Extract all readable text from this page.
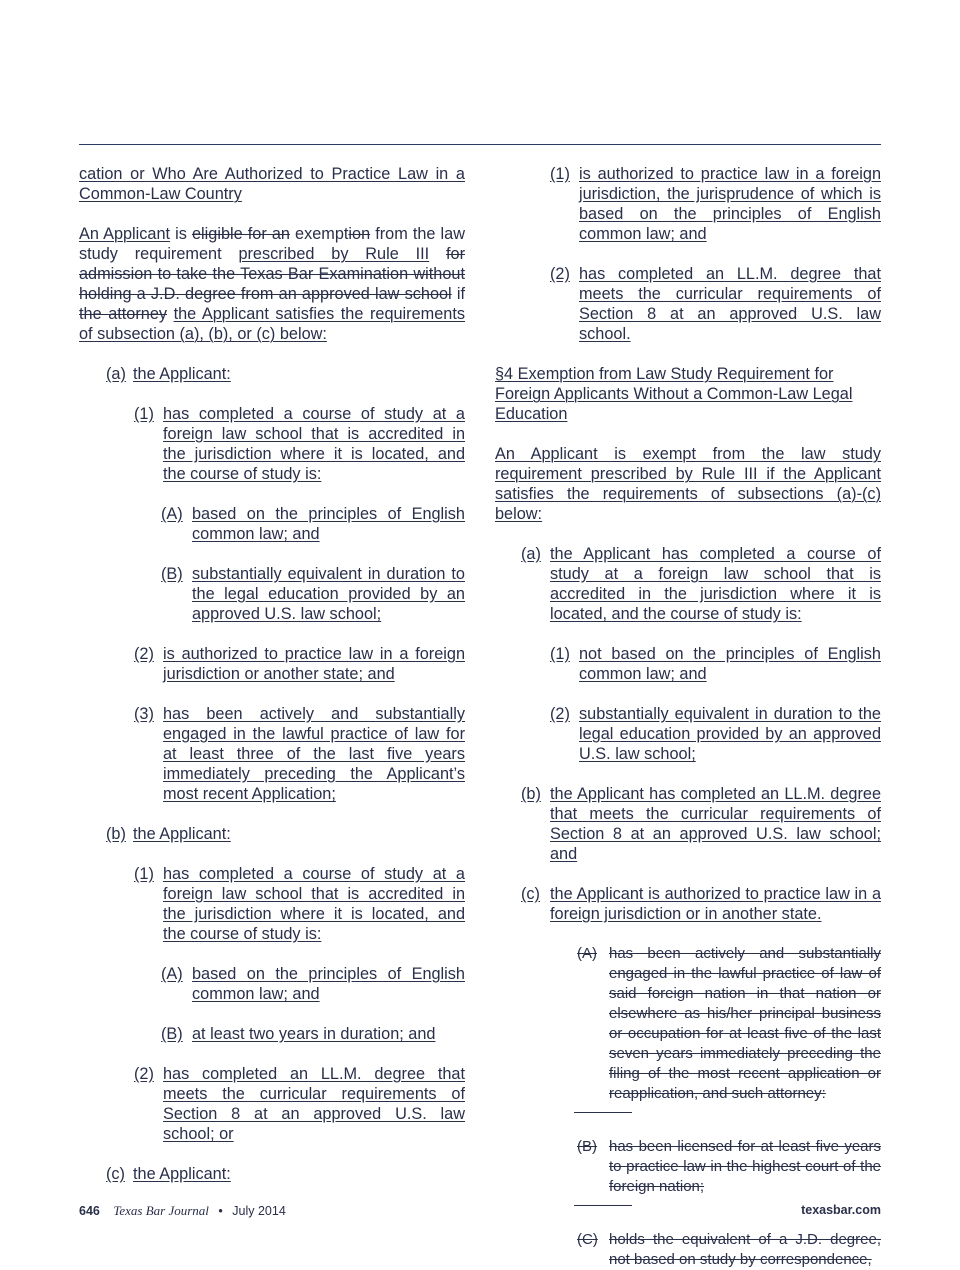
cation or Who Are Authorized to Practice Law in a Common-Law Country

An Applicant is eligible for an exemption from the law study requirement prescribed by Rule III for admission to take the Texas Bar Examination without holding a J.D. degree from an approved law school if the attorney the Applicant satisfies the requirements of subsection (a), (b), or (c) below:

(a) the Applicant:
(1) has completed a course of study at a foreign law school that is accredited in the jurisdiction where it is located, and the course of study is:
(A) based on the principles of English common law; and
(B) substantially equivalent in duration to the legal education provided by an approved U.S. law school;
(2) is authorized to practice law in a foreign jurisdiction or another state; and
(3) has been actively and substantially engaged in the lawful practice of law for at least three of the last five years immediately preceding the Applicant’s most recent Application;
(b) the Applicant:
(1) has completed a course of study at a foreign law school that is accredited in the jurisdiction where it is located, and the course of study is:
(A) based on the principles of English common law; and
(B) at least two years in duration; and
(2) has completed an LL.M. degree that meets the curricular requirements of Section 8 at an approved U.S. law school; or
(c) the Applicant:
(1) is authorized to practice law in a foreign jurisdiction, the jurisprudence of which is based on the principles of English common law; and
(2) has completed an LL.M. degree that meets the curricular requirements of Section 8 at an approved U.S. law school.

§4 Exemption from Law Study Requirement for Foreign Applicants Without a Common-Law Legal Education

An Applicant is exempt from the law study requirement prescribed by Rule III if the Applicant satisfies the requirements of subsections (a)-(c) below:

(a) the Applicant has completed a course of study at a foreign law school that is accredited in the jurisdiction where it is located, and the course of study is:
(1) not based on the principles of English common law; and
(2) substantially equivalent in duration to the legal education provided by an approved U.S. law school;
(b) the Applicant has completed an LL.M. degree that meets the curricular requirements of Section 8 at an approved U.S. law school; and
(c) the Applicant is authorized to practice law in a foreign jurisdiction or in another state.
(A) has been actively and substantially engaged in the lawful practice of law of said foreign nation in that nation or elsewhere as his/her principal business or occupation for at least five of the last seven years immediately preceding the filing of the most recent application or reapplication, and such attorney:
(B) has been licensed for at least five years to practice law in the highest court of the foreign nation;
(C) holds the equivalent of a J.D. degree, not based on study by correspondence,
646 Texas Bar Journal • July 2014	texasbar.com
